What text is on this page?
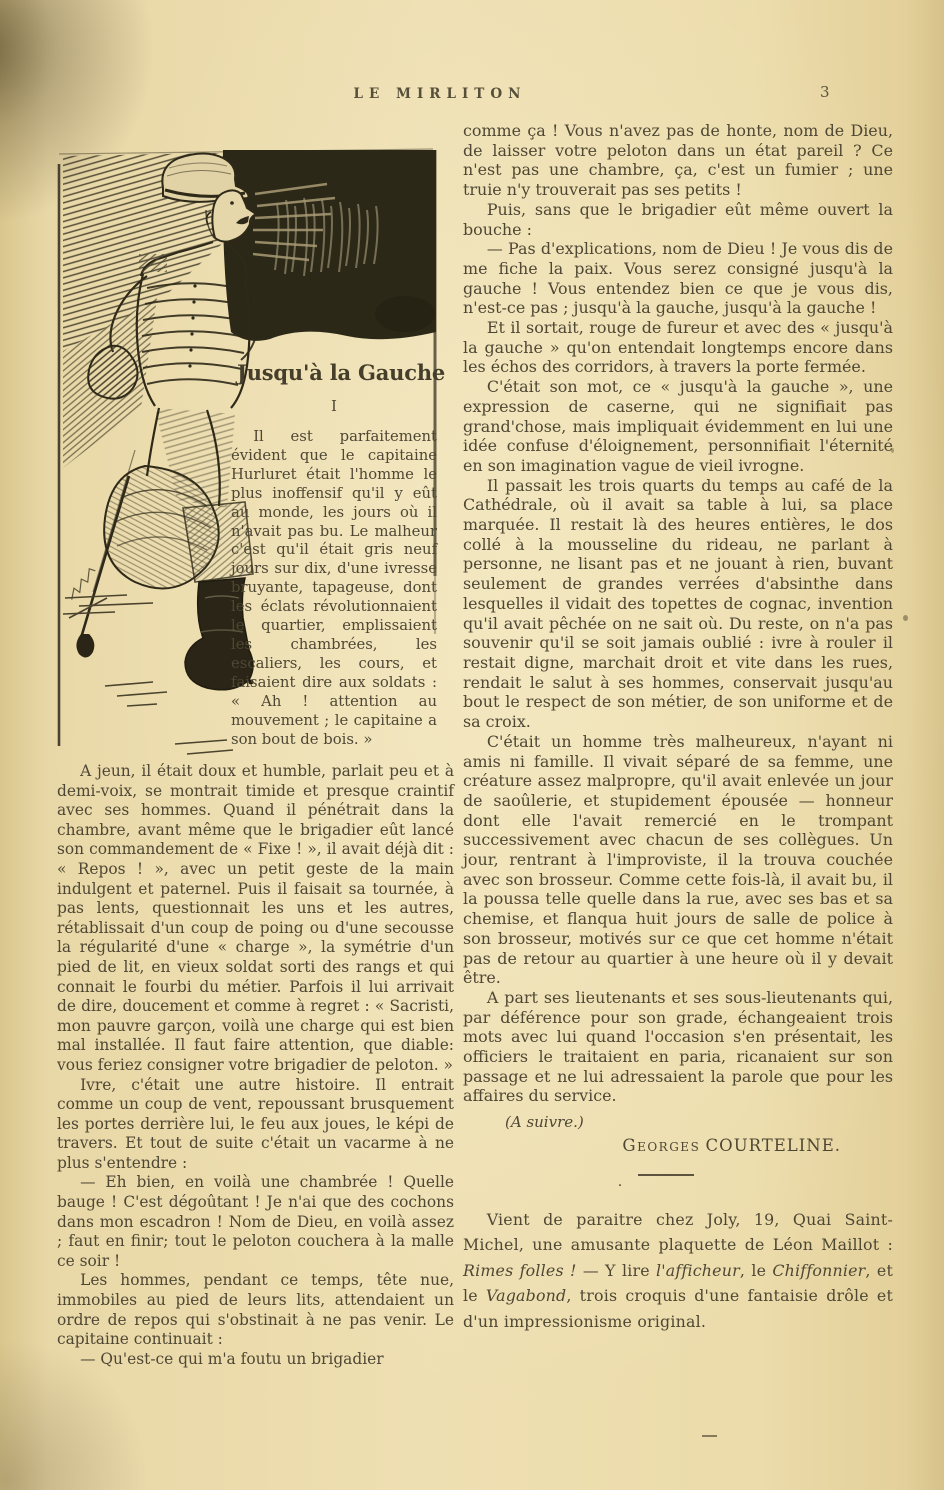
LE MIRLITON	3
Jusqu'à la Gauche
I

Il est parfaitement évident que le capitaine Hurluret était l'homme le plus inoffensif qu'il y eût au monde, les jours où il n'avait pas bu. Le malheur c'est qu'il était gris neuf jours sur dix, d'une ivresse bruyante, tapageuse, dont les éclats révolutionnaient le quartier, emplissaient les chambrées, les escaliers, les cours, et faisaient dire aux soldats : « Ah ! attention au mouvement ; le capitaine a son bout de bois. »

A jeun, il était doux et humble, parlait peu et à demi-voix, se montrait timide et presque craintif avec ses hommes. Quand il pénétrait dans la chambre, avant même que le brigadier eût lancé son commandement de « Fixe ! », il avait déjà dit : « Repos ! », avec un petit geste de la main indulgent et paternel. Puis il faisait sa tournée, à pas lents, questionnait les uns et les autres, rétablissait d'un coup de poing ou d'une secousse la régularité d'une « charge », la symétrie d'un pied de lit, en vieux soldat sorti des rangs et qui connait le fourbi du métier. Parfois il lui arrivait de dire, doucement et comme à regret : « Sacristi, mon pauvre garçon, voilà une charge qui est bien mal installée. Il faut faire attention, que diable: vous feriez consigner votre brigadier de peloton. »

Ivre, c'était une autre histoire. Il entrait comme un coup de vent, repoussant brusquement les portes derrière lui, le feu aux joues, le képi de travers. Et tout de suite c'était un vacarme à ne plus s'entendre :

— Eh bien, en voilà une chambrée ! Quelle bauge ! C'est dégoûtant ! Je n'ai que des cochons dans mon escadron ! Nom de Dieu, en voilà assez ; faut en finir; tout le peloton couchera à la malle ce soir !

Les hommes, pendant ce temps, tête nue, immobiles au pied de leurs lits, attendaient un ordre de repos qui s'obstinait à ne pas venir. Le capitaine continuait :

— Qu'est-ce qui m'a foutu un brigadier

comme ça ! Vous n'avez pas de honte, nom de Dieu, de laisser votre peloton dans un état pareil ? Ce n'est pas une chambre, ça, c'est un fumier ; une truie n'y trouverait pas ses petits !

Puis, sans que le brigadier eût même ouvert la bouche :

— Pas d'explications, nom de Dieu ! Je vous dis de me fiche la paix. Vous serez consigné jusqu'à la gauche ! Vous entendez bien ce que je vous dis, n'est-ce pas ; jusqu'à la gauche, jusqu'à la gauche !

Et il sortait, rouge de fureur et avec des « jusqu'à la gauche » qu'on entendait longtemps encore dans les échos des corridors, à travers la porte fermée.

C'était son mot, ce « jusqu'à la gauche », une expression de caserne, qui ne signifiait pas grand'chose, mais impliquait évidemment en lui une idée confuse d'éloignement, personnifiait l'éternité en son imagination vague de vieil ivrogne.

Il passait les trois quarts du temps au café de la Cathédrale, où il avait sa table à lui, sa place marquée. Il restait là des heures entières, le dos collé à la mousseline du rideau, ne parlant à personne, ne lisant pas et ne jouant à rien, buvant seulement de grandes verrées d'absinthe dans lesquelles il vidait des topettes de cognac, invention qu'il avait pêchée on ne sait où. Du reste, on n'a pas souvenir qu'il se soit jamais oublié : ivre à rouler il restait digne, marchait droit et vite dans les rues, rendait le salut à ses hommes, conservait jusqu'au bout le respect de son métier, de son uniforme et de sa croix.

C'était un homme très malheureux, n'ayant ni amis ni famille. Il vivait séparé de sa femme, une créature assez malpropre, qu'il avait enlevée un jour de saoûlerie, et stupidement épousée — honneur dont elle l'avait remercié en le trompant successivement avec chacun de ses collègues. Un jour, rentrant à l'improviste, il la trouva couchée avec son brosseur. Comme cette fois-là, il avait bu, il la poussa telle quelle dans la rue, avec ses bas et sa chemise, et flanqua huit jours de salle de police à son brosseur, motivés sur ce que cet homme n'était pas de retour au quartier à une heure où il y devait être.

A part ses lieutenants et ses sous-lieutenants qui, par déférence pour son grade, échangeaient trois mots avec lui quand l'occasion s'en présentait, les officiers le traitaient en paria, ricanaient sur son passage et ne lui adressaient la parole que pour les affaires du service.

(A suivre.)

Georges COURTELINE.

.

Vient de paraitre chez Joly, 19, Quai Saint-Michel, une amusante plaquette de Léon Maillot : Rimes folles ! — Y lire l'afficheur, le Chiffonnier, et le Vagabond, trois croquis d'une fantaisie drôle et d'un impressionisme original.
